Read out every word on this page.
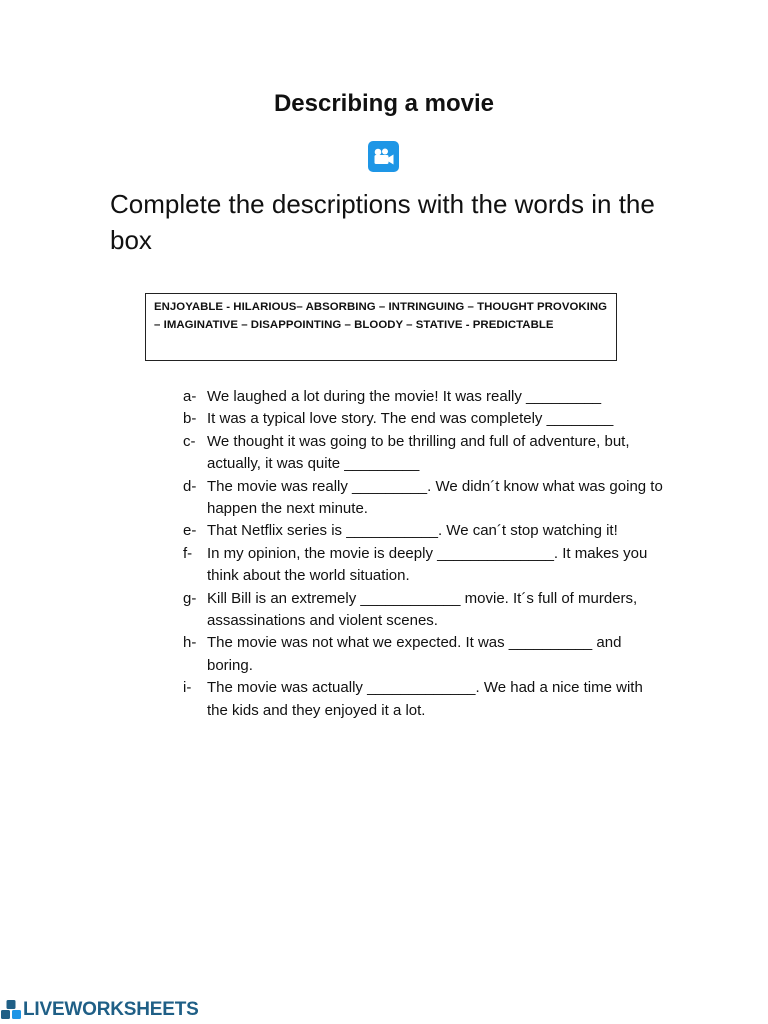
Describing a movie

Complete the descriptions with the words in the box

ENJOYABLE - HILARIOUS– ABSORBING – INTRINGUING – THOUGHT PROVOKING – IMAGINATIVE – DISAPPOINTING – BLOODY – STATIVE - PREDICTABLE
a- We laughed a lot during the movie! It was really _________
b- It was a typical love story. The end was completely ________
c- We thought it was going to be thrilling and full of adventure, but, actually, it was quite _________
d- The movie was really _________. We didn´t know what was going to happen the next minute.
e- That Netflix series is ___________. We can´t stop watching it!
f- In my opinion, the movie is deeply ______________. It makes you think about the world situation.
g- Kill Bill is an extremely ____________ movie. It´s full of murders, assassinations and violent scenes.
h- The movie was not what we expected. It was __________ and boring.
i-	The movie was actually _____________. We had a nice time with the kids and they enjoyed it a lot.
LIVEWORKSHEETS
